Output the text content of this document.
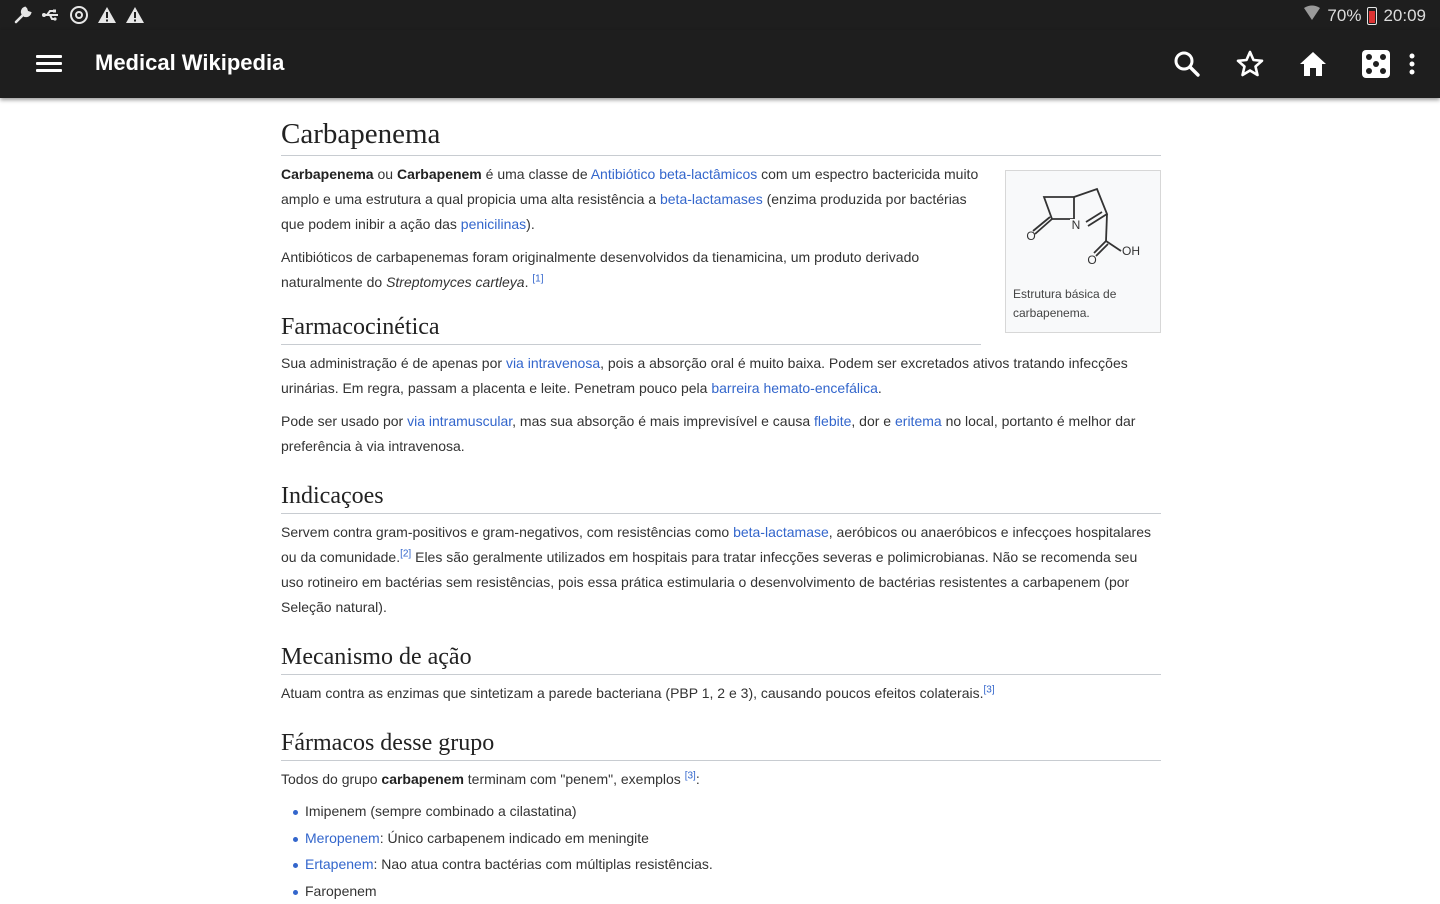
70% 20:09
Medical Wikipedia
Carbapenema
N
O
O
OH
Estrutura básica de carbapenema.

Carbapenema ou Carbapenem é uma classe de Antibiótico beta-lactâmicos com um espectro bactericida muito amplo e uma estrutura a qual propicia uma alta resistência a beta-lactamases (enzima produzida por bactérias que podem inibir a ação das penicilinas).

Antibióticos de carbapenemas foram originalmente desenvolvidos da tienamicina, um produto derivado naturalmente do Streptomyces cartleya. [1]

Farmacocinética

Sua administração é de apenas por via intravenosa, pois a absorção oral é muito baixa. Podem ser excretados ativos tratando infecções urinárias. Em regra, passam a placenta e leite. Penetram pouco pela barreira hemato-encefálica.

Pode ser usado por via intramuscular, mas sua absorção é mais imprevisível e causa flebite, dor e eritema no local, portanto é melhor dar preferência à via intravenosa.

Indicaçoes

Servem contra gram-positivos e gram-negativos, com resistências como beta-lactamase, aeróbicos ou anaeróbicos e infecçoes hospitalares ou da comunidade.[2] Eles são geralmente utilizados em hospitais para tratar infecções severas e polimicrobianas. Não se recomenda seu uso rotineiro em bactérias sem resistências, pois essa prática estimularia o desenvolvimento de bactérias resistentes a carbapenem (por Seleção natural).

Mecanismo de ação

Atuam contra as enzimas que sintetizam a parede bacteriana (PBP 1, 2 e 3), causando poucos efeitos colaterais.[3]

Fármacos desse grupo

Todos do grupo carbapenem terminam com "penem", exemplos [3]:

Imipenem (sempre combinado a cilastatina)
Meropenem: Único carbapenem indicado em meningite
Ertapenem: Nao atua contra bactérias com múltiplas resistências.
Faropenem
